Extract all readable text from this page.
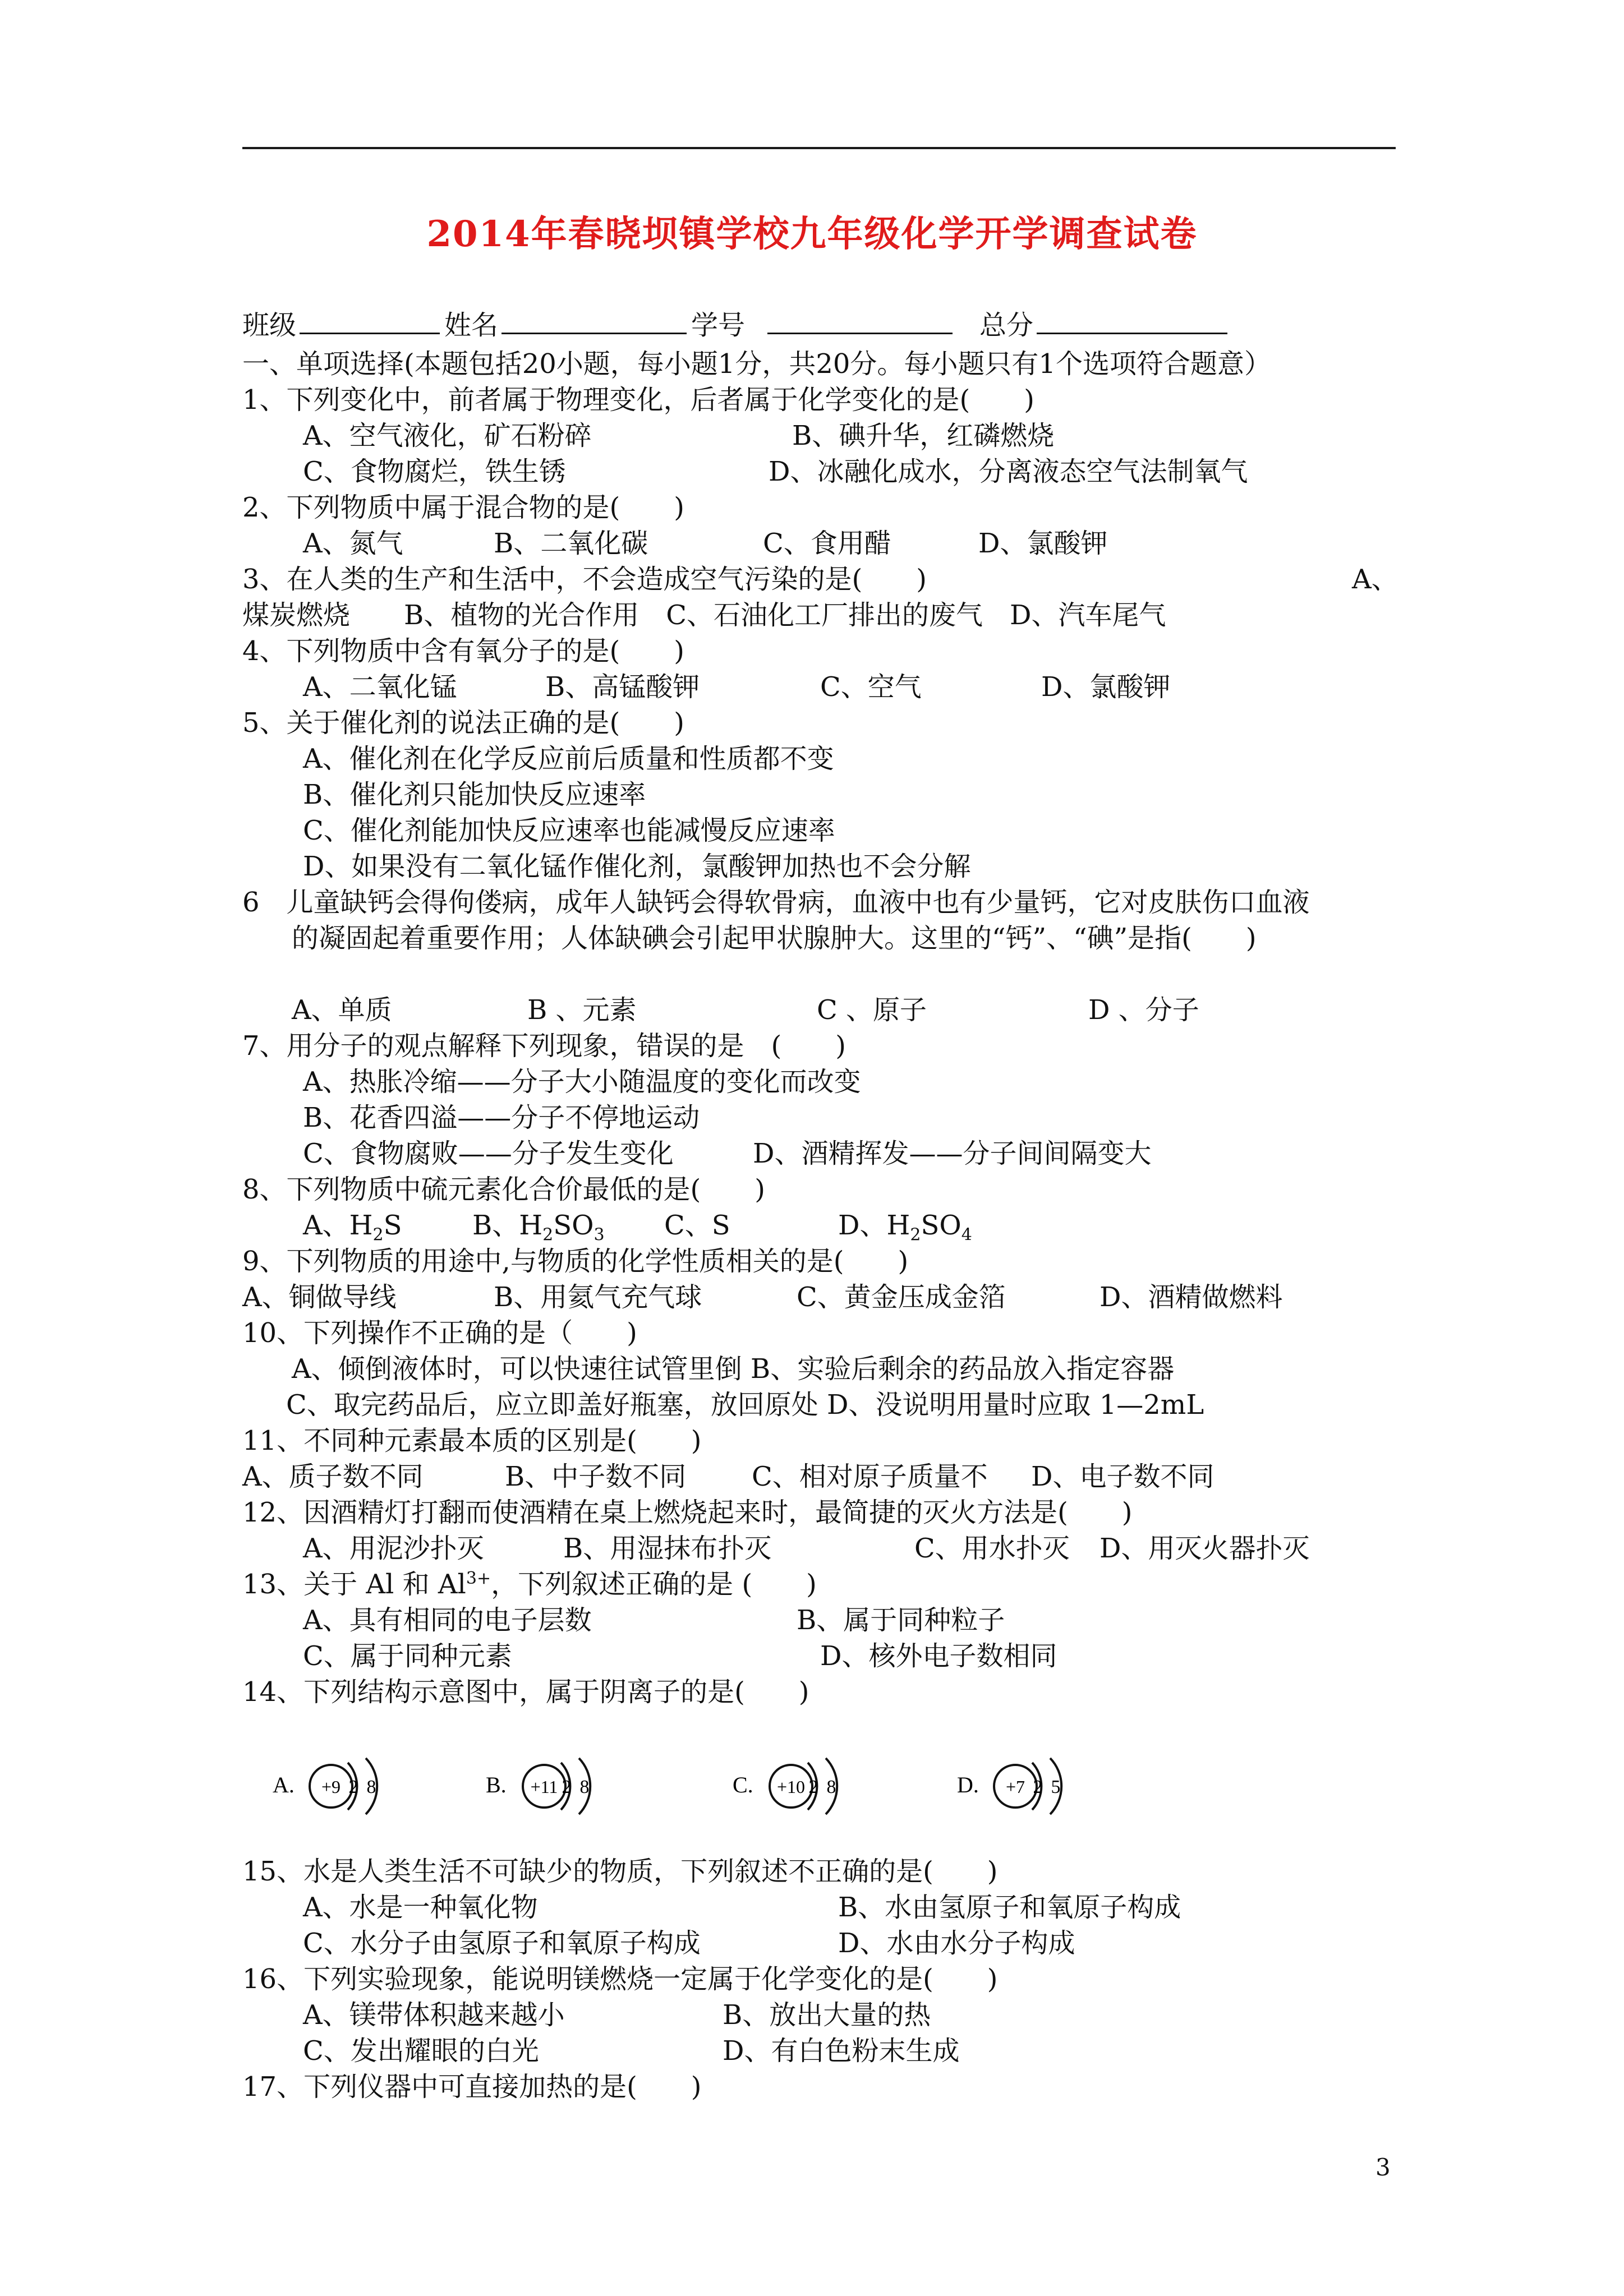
2014年春晓坝镇学校九年级化学开学调查试卷
班级	姓名	学号	总分
一、单项选择(本题包括20小题，每小题1分，共20分。每小题只有1个选项符合题意）
1、下列变化中，前者属于物理变化，后者属于化学变化的是(　　)
A、空气液化，矿石粉碎	B、碘升华，红磷燃烧
C、食物腐烂，铁生锈	D、冰融化成水，分离液态空气法制氧气
2、下列物质中属于混合物的是(　　)
A、氮气	B、二氧化碳	C、食用醋	D、氯酸钾
3、在人类的生产和生活中，不会造成空气污染的是(　　)	A、
煤炭燃烧　　B、植物的光合作用　C、石油化工厂排出的废气　D、汽车尾气
4、下列物质中含有氧分子的是(　　)
A、二氧化锰	B、高锰酸钾	C、空气	D、氯酸钾
5、关于催化剂的说法正确的是(　　)
A、催化剂在化学反应前后质量和性质都不变
B、催化剂只能加快反应速率
C、催化剂能加快反应速率也能减慢反应速率
D、如果没有二氧化锰作催化剂，氯酸钾加热也不会分解
6　儿童缺钙会得佝偻病，成年人缺钙会得软骨病，血液中也有少量钙，它对皮肤伤口血液
的凝固起着重要作用；人体缺碘会引起甲状腺肿大。这里的“钙”、“碘”是指(　　)
A、单质	B 、元素	C 、原子	D 、分子
7、用分子的观点解释下列现象，错误的是　(　　)
A、热胀冷缩——分子大小随温度的变化而改变
B、花香四溢——分子不停地运动
C、食物腐败——分子发生变化	D、酒精挥发——分子间间隔变大
8、下列物质中硫元素化合价最低的是(　　)
A、$H_2S$	B、$H_2SO_3$ C、S	D、$H_2SO_4$
9、下列物质的用途中,与物质的化学性质相关的是(　　)
A、铜做导线	B、用氦气充气球	C、黄金压成金箔	D、酒精做燃料
10、下列操作不正确的是（　　)
A、倾倒液体时，可以快速往试管里倒 B、实验后剩余的药品放入指定容器
C、取完药品后，应立即盖好瓶塞，放回原处 D、没说明用量时应取 1—2mL
11、不同种元素最本质的区别是(　　)
A、质子数不同	B、中子数不同 C、相对原子质量不 D、电子数不同
12、因酒精灯打翻而使酒精在桌上燃烧起来时，最简捷的灭火方法是(　　)
A、用泥沙扑灭	B、用湿抹布扑灭	C、用水扑灭 D、用灭火器扑灭
13、关于 Al 和 $Al^{3+}$，下列叙述正确的是 (　　)
A、具有相同的电子层数	B、属于同种粒子
C、属于同种元素	D、核外电子数相同
14、下列结构示意图中，属于阴离子的是(　　)
A. +9 2 8	B. +11 2 8	C. +10 2 8	D. +7 2 5
15、水是人类生活不可缺少的物质，下列叙述不正确的是(　　)
A、水是一种氧化物	B、水由氢原子和氧原子构成
C、水分子由氢原子和氧原子构成	D、水由水分子构成
16、下列实验现象，能说明镁燃烧一定属于化学变化的是(　　)
A、镁带体积越来越小	B、放出大量的热
C、发出耀眼的白光	D、有白色粉末生成
17、下列仪器中可直接加热的是(　　)
3
